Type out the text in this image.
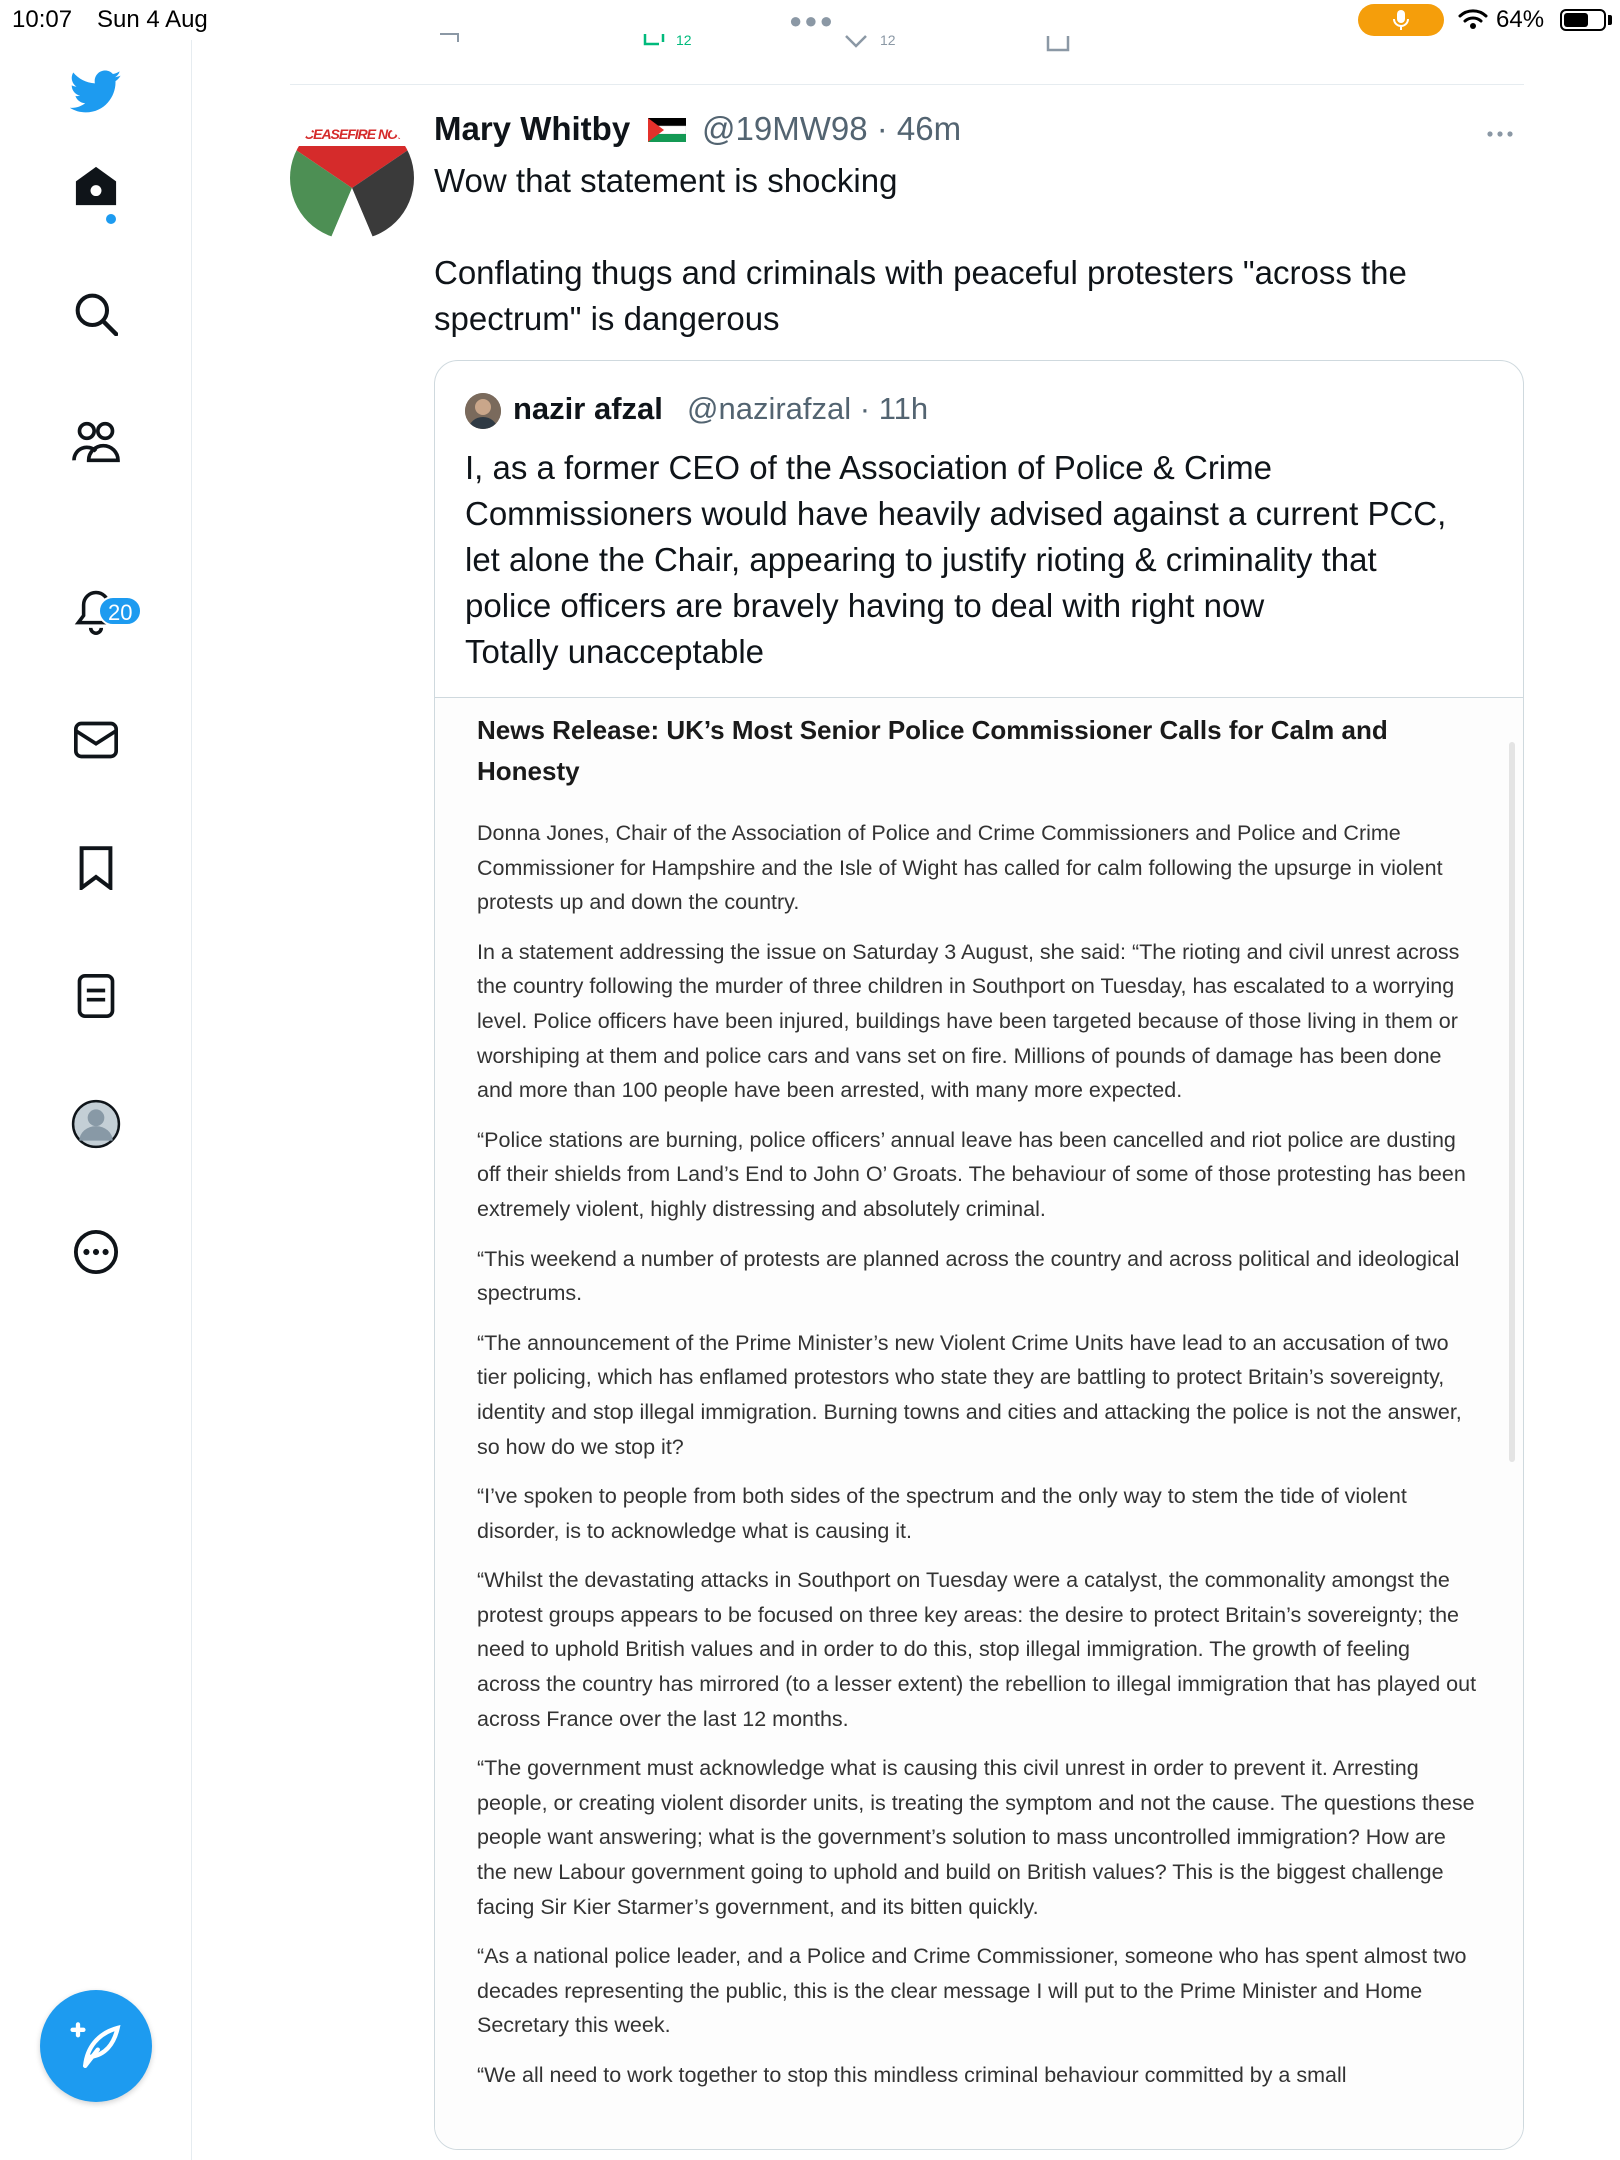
10:07 Sun 4 Aug	●●●	64%
12	12
20
CEASEFIRE NOW Mary Whitby @19MW98 · 46m

Wow that statement is shocking

Conflating thugs and criminals with peaceful protesters "across the spectrum" is dangerous

nazir afzal @nazirafzal · 11h
I, as a former CEO of the Association of Police & Crime
Commissioners would have heavily advised against a current PCC,
let alone the Chair, appearing to justify rioting & criminality that
police officers are bravely having to deal with right now
Totally unacceptable
News Release: UK’s Most Senior Police Commissioner Calls for Calm and Honesty

Donna Jones, Chair of the Association of Police and Crime Commissioners and Police and Crime Commissioner for Hampshire and the Isle of Wight has called for calm following the upsurge in violent protests up and down the country.

In a statement addressing the issue on Saturday 3 August, she said: “The rioting and civil unrest across the country following the murder of three children in Southport on Tuesday, has escalated to a worrying level. Police officers have been injured, buildings have been targeted because of those living in them or worshiping at them and police cars and vans set on fire. Millions of pounds of damage has been done and more than 100 people have been arrested, with many more expected.

“Police stations are burning, police officers’ annual leave has been cancelled and riot police are dusting off their shields from Land’s End to John O’ Groats. The behaviour of some of those protesting has been extremely violent, highly distressing and absolutely criminal.

“This weekend a number of protests are planned across the country and across political and ideological spectrums.

“The announcement of the Prime Minister’s new Violent Crime Units have lead to an accusation of two tier policing, which has enflamed protestors who state they are battling to protect Britain’s sovereignty, identity and stop illegal immigration. Burning towns and cities and attacking the police is not the answer, so how do we stop it?

“I’ve spoken to people from both sides of the spectrum and the only way to stem the tide of violent disorder, is to acknowledge what is causing it.

“Whilst the devastating attacks in Southport on Tuesday were a catalyst, the commonality amongst the protest groups appears to be focused on three key areas: the desire to protect Britain’s sovereignty; the need to uphold British values and in order to do this, stop illegal immigration. The growth of feeling across the country has mirrored (to a lesser extent) the rebellion to illegal immigration that has played out across France over the last 12 months.

“The government must acknowledge what is causing this civil unrest in order to prevent it. Arresting people, or creating violent disorder units, is treating the symptom and not the cause. The questions these people want answering; what is the government’s solution to mass uncontrolled immigration? How are the new Labour government going to uphold and build on British values? This is the biggest challenge facing Sir Kier Starmer’s government, and its bitten quickly.

“As a national police leader, and a Police and Crime Commissioner, someone who has spent almost two decades representing the public, this is the clear message I will put to the Prime Minister and Home Secretary this week.

“We all need to work together to stop this mindless criminal behaviour committed by a small
